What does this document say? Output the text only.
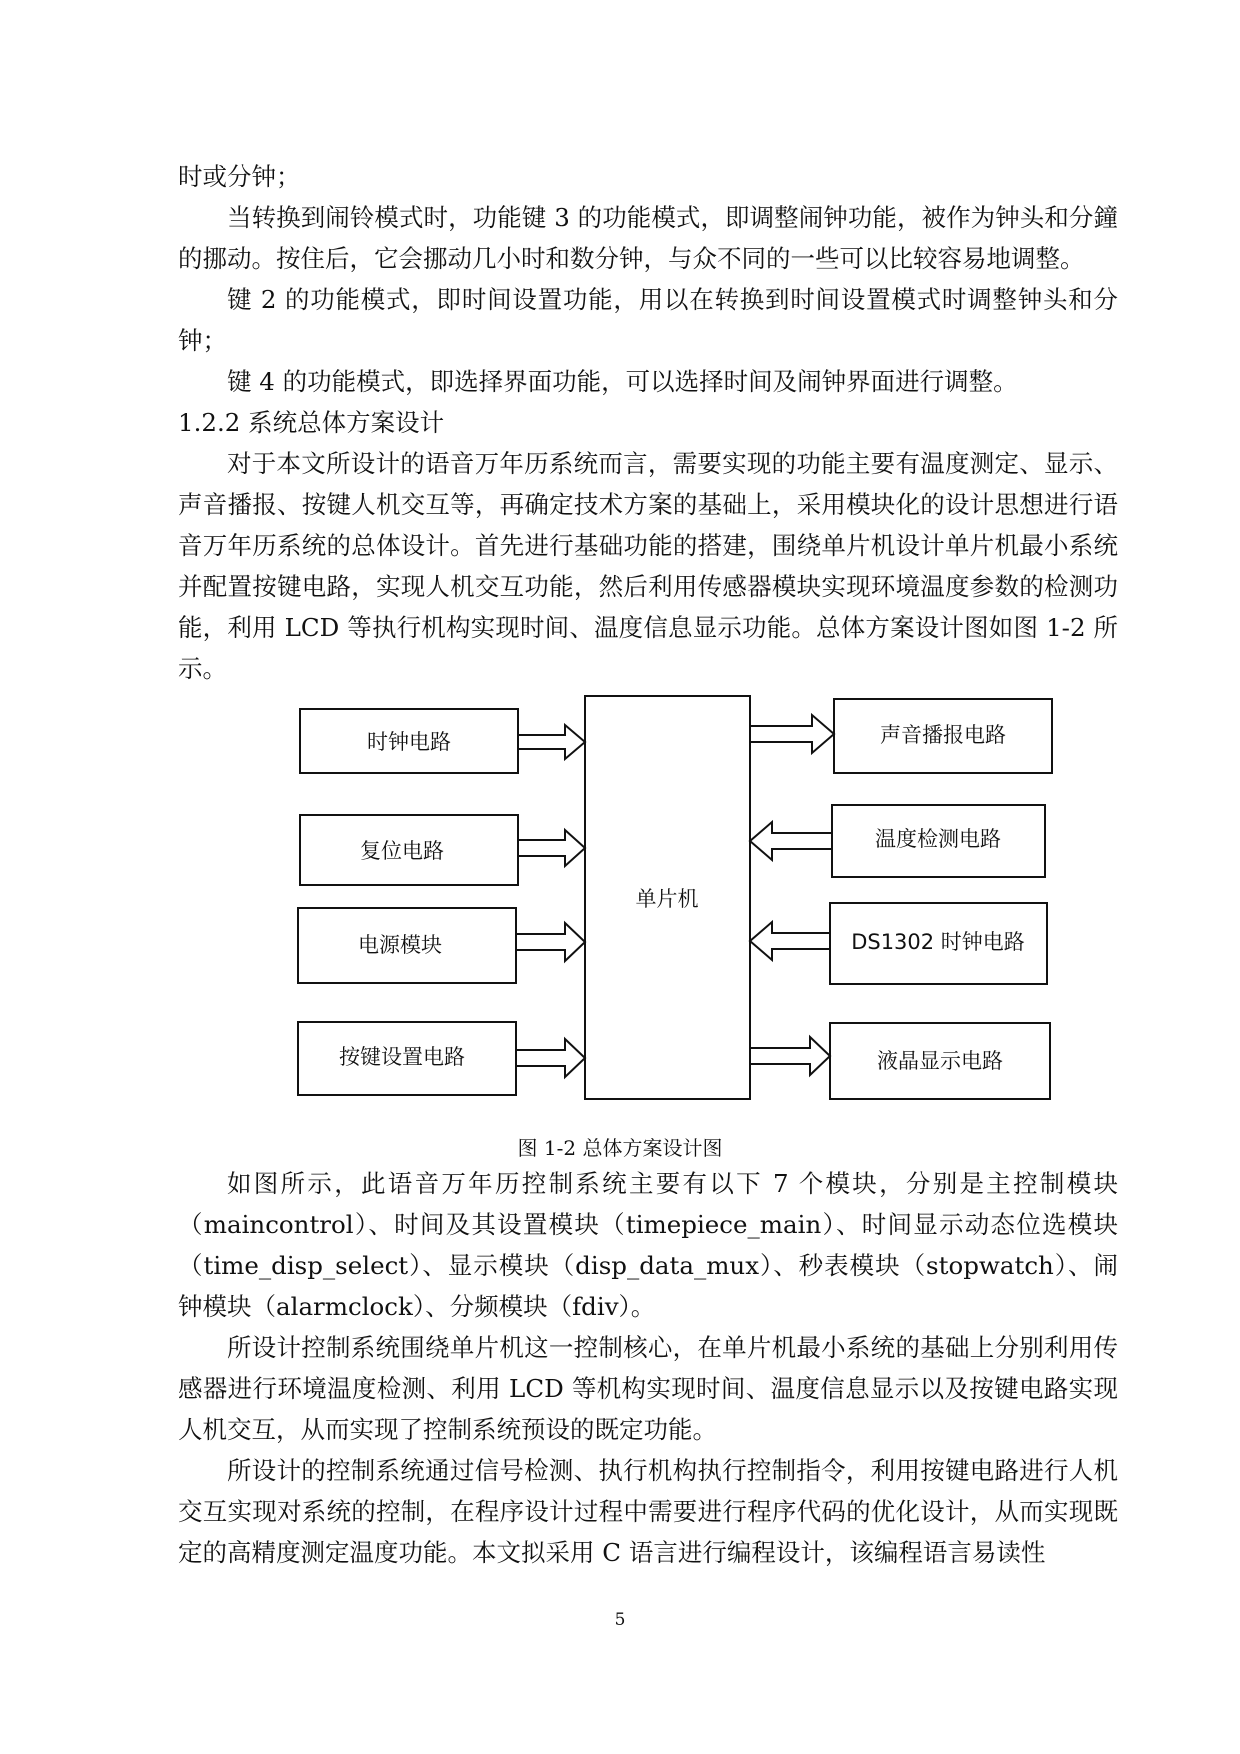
时或分钟；

当转换到闹铃模式时，功能键 3 的功能模式，即调整闹钟功能，被作为钟头和分鐘的挪动。按住后，它会挪动几小时和数分钟，与众不同的一些可以比较容易地调整。

键 2 的功能模式，即时间设置功能，用以在转换到时间设置模式时调整钟头和分钟；

键 4 的功能模式，即选择界面功能，可以选择时间及闹钟界面进行调整。

1.2.2 系统总体方案设计

对于本文所设计的语音万年历系统而言，需要实现的功能主要有温度测定、显示、声音播报、按键人机交互等，再确定技术方案的基础上，采用模块化的设计思想进行语音万年历系统的总体设计。首先进行基础功能的搭建，围绕单片机设计单片机最小系统并配置按键电路，实现人机交互功能，然后利用传感器模块实现环境温度参数的检测功能，利用 LCD 等执行机构实现时间、温度信息显示功能。总体方案设计图如图 1-2 所示。

单片机
时钟电路
复位电路
电源模块
按键设置电路
声音播报电路
温度检测电路
DS1302 时钟电路
液晶显示电路
图 1-2 总体方案设计图

如图所示，此语音万年历控制系统主要有以下 7 个模块，分别是主控制模块（maincontrol）、时间及其设置模块（timepiece_main）、时间显示动态位选模块（time_disp_select）、显示模块（disp_data_mux）、秒表模块（stopwatch）、闹钟模块（alarmclock）、分频模块（fdiv）。

所设计控制系统围绕单片机这一控制核心，在单片机最小系统的基础上分别利用传感器进行环境温度检测、利用 LCD 等机构实现时间、温度信息显示以及按键电路实现人机交互，从而实现了控制系统预设的既定功能。

所设计的控制系统通过信号检测、执行机构执行控制指令，利用按键电路进行人机交互实现对系统的控制，在程序设计过程中需要进行程序代码的优化设计，从而实现既定的高精度测定温度功能。本文拟采用 C 语言进行编程设计，该编程语言易读性

5
